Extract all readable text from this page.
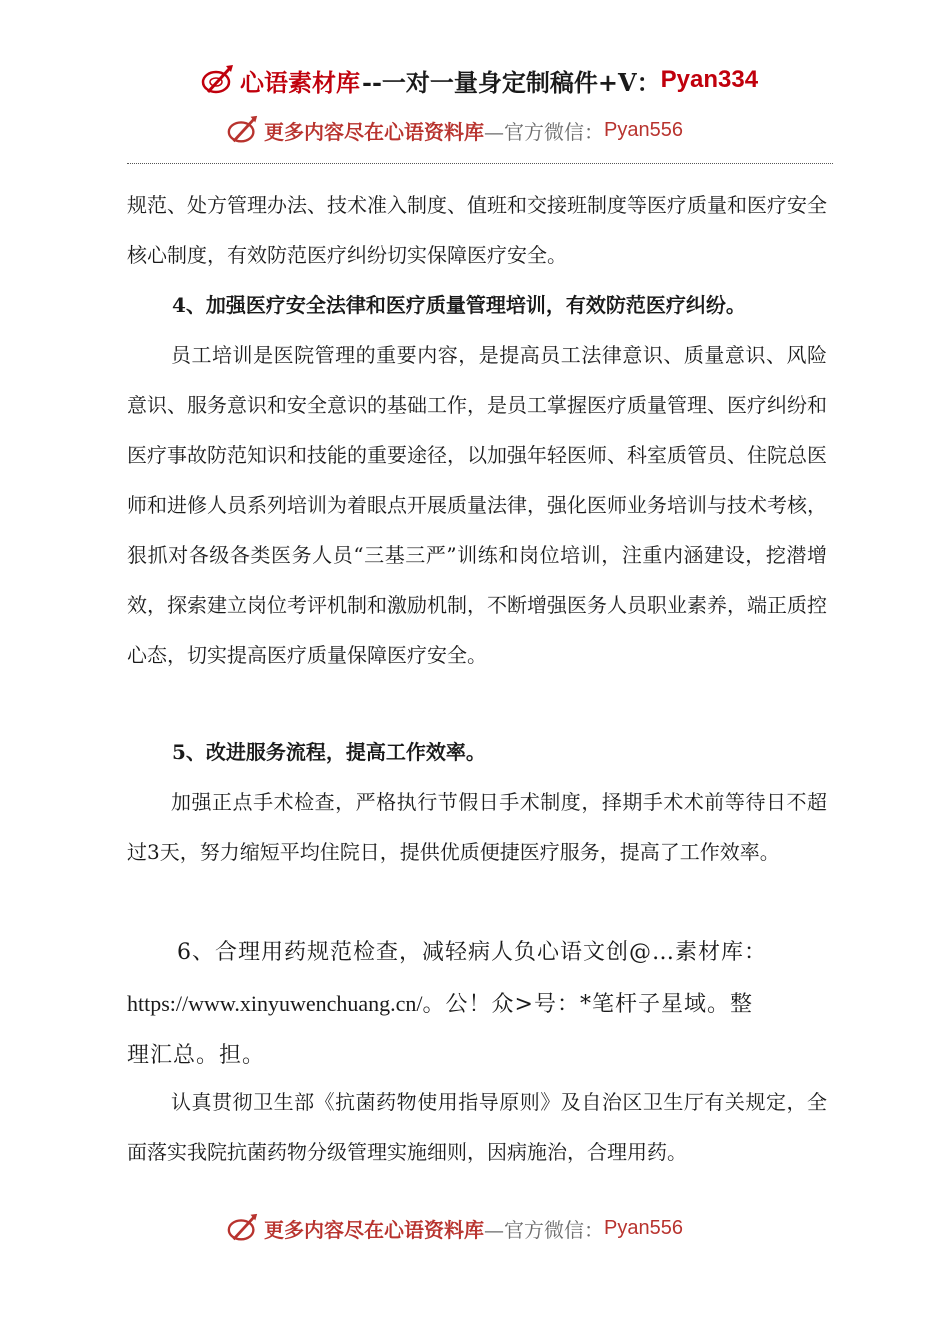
心语素材库 --一对一量身定制稿件+V： Pyan334
更多内容尽在心语资料库 —官方微信： Pyan556

规范、处方管理办法、技术准入制度、值班和交接班制度等医疗质量和医疗安全核心制度，有效防范医疗纠纷切实保障医疗安全。

4、加强医疗安全法律和医疗质量管理培训，有效防范医疗纠纷。

员工培训是医院管理的重要内容，是提高员工法律意识、质量意识、风险意识、服务意识和安全意识的基础工作，是员工掌握医疗质量管理、医疗纠纷和医疗事故防范知识和技能的重要途径，以加强年轻医师、科室质管员、住院总医师和进修人员系列培训为着眼点开展质量法律，强化医师业务培训与技术考核，狠抓对各级各类医务人员“三基三严”训练和岗位培训，注重内涵建设，挖潜增效，探索建立岗位考评机制和激励机制，不断增强医务人员职业素养，端正质控心态，切实提高医疗质量保障医疗安全。

5、改进服务流程，提高工作效率。

加强正点手术检查，严格执行节假日手术制度，择期手术术前等待日不超过3天，努力缩短平均住院日，提供优质便捷医疗服务，提高了工作效率。

6、合理用药规范检查，减轻病人负心语文创@…素材库：
https://www.xinyuwenchuang.cn/。公！众>号：*笔杆子星域。整
理汇总。担。

认真贯彻卫生部《抗菌药物使用指导原则》及自治区卫生厅有关规定，全面落实我院抗菌药物分级管理实施细则，因病施治，合理用药。

更多内容尽在心语资料库 —官方微信： Pyan556
